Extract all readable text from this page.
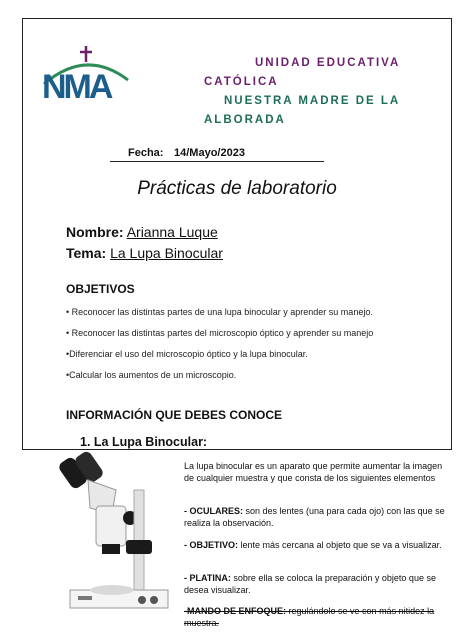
NMA
UNIDAD EDUCATIVA
CATÓLICA
NUESTRA MADRE DE LA
ALBORADA
Fecha: 14/Mayo/2023
Prácticas de laboratorio
Nombre: Arianna Luque
Tema: La Lupa Binocular
OBJETIVOS
• Reconocer las distintas partes de una lupa binocular y aprender su manejo.
• Reconocer las distintas partes del microscopio óptico y aprender su manejo
•Diferenciar el uso del microscopio óptico y la lupa binocular.
•Calcular los aumentos de un microscopio.
INFORMACIÓN QUE DEBES CONOCE
1. La Lupa Binocular:
La lupa binocular es un aparato que permite aumentar la imagen de cualquier muestra y que consta de los siguientes elementos
- OCULARES: son des lentes (una para cada ojo) con las que se realiza la observación.
- OBJETIVO: lente más cercana al objeto que se va a visualizar.
- PLATINA: sobre ella se coloca la preparación y objeto que se desea visualizar.
-MANDO DE ENFOQUE: regulándolo se ve con más nitidez la muestra.
